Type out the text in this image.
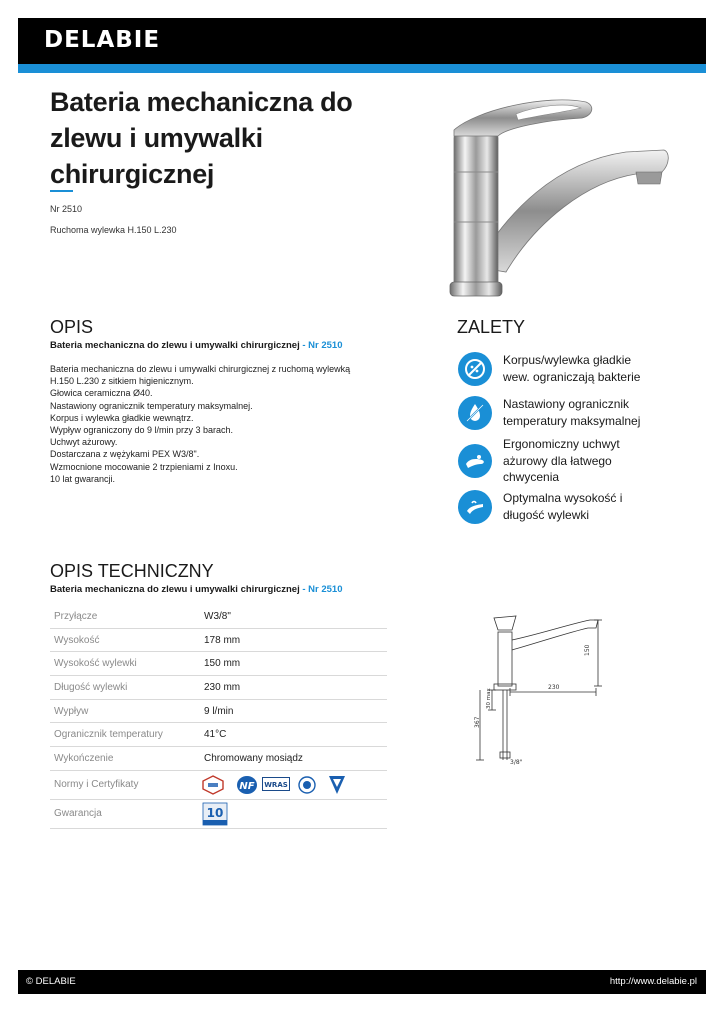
DELABIE
Bateria mechaniczna do
zlewu i umywalki
chirurgicznej
Nr 2510
Ruchoma wylewka H.150 L.230
OPIS
Bateria mechaniczna do zlewu i umywalki chirurgicznej - Nr 2510
Bateria mechaniczna do zlewu i umywalki chirurgicznej z ruchomą wylewką
H.150 L.230 z sitkiem higienicznym.
Głowica ceramiczna Ø40.
Nastawiony ogranicznik temperatury maksymalnej.
Korpus i wylewka gładkie wewnątrz.
Wypływ ograniczony do 9 l/min przy 3 barach.
Uchwyt ażurowy.
Dostarczana z wężykami PEX W3/8".
Wzmocnione mocowanie 2 trzpieniami z Inoxu.
10 lat gwarancji.
ZALETY
Korpus/wylewka gładkie
wew. ograniczają bakterie
Nastawiony ogranicznik
temperatury maksymalnej
Ergonomiczny uchwyt
ażurowy dla łatwego
chwycenia
Optymalna wysokość i
długość wylewki
OPIS TECHNICZNY
Bateria mechaniczna do zlewu i umywalki chirurgicznej - Nr 2510
Przyłącze	W3/8"
Wysokość	178 mm
Wysokość wylewki	150 mm
Długość wylewki	230 mm
Wypływ	9 l/min
Ogranicznik temperatury	41°C
Wykończenie	Chromowany mosiądz
Normy i Certyfikaty	NF WRAS
Gwarancja	10
150
230
30 max
367
3/8"
© DELABIE	http://www.delabie.pl
